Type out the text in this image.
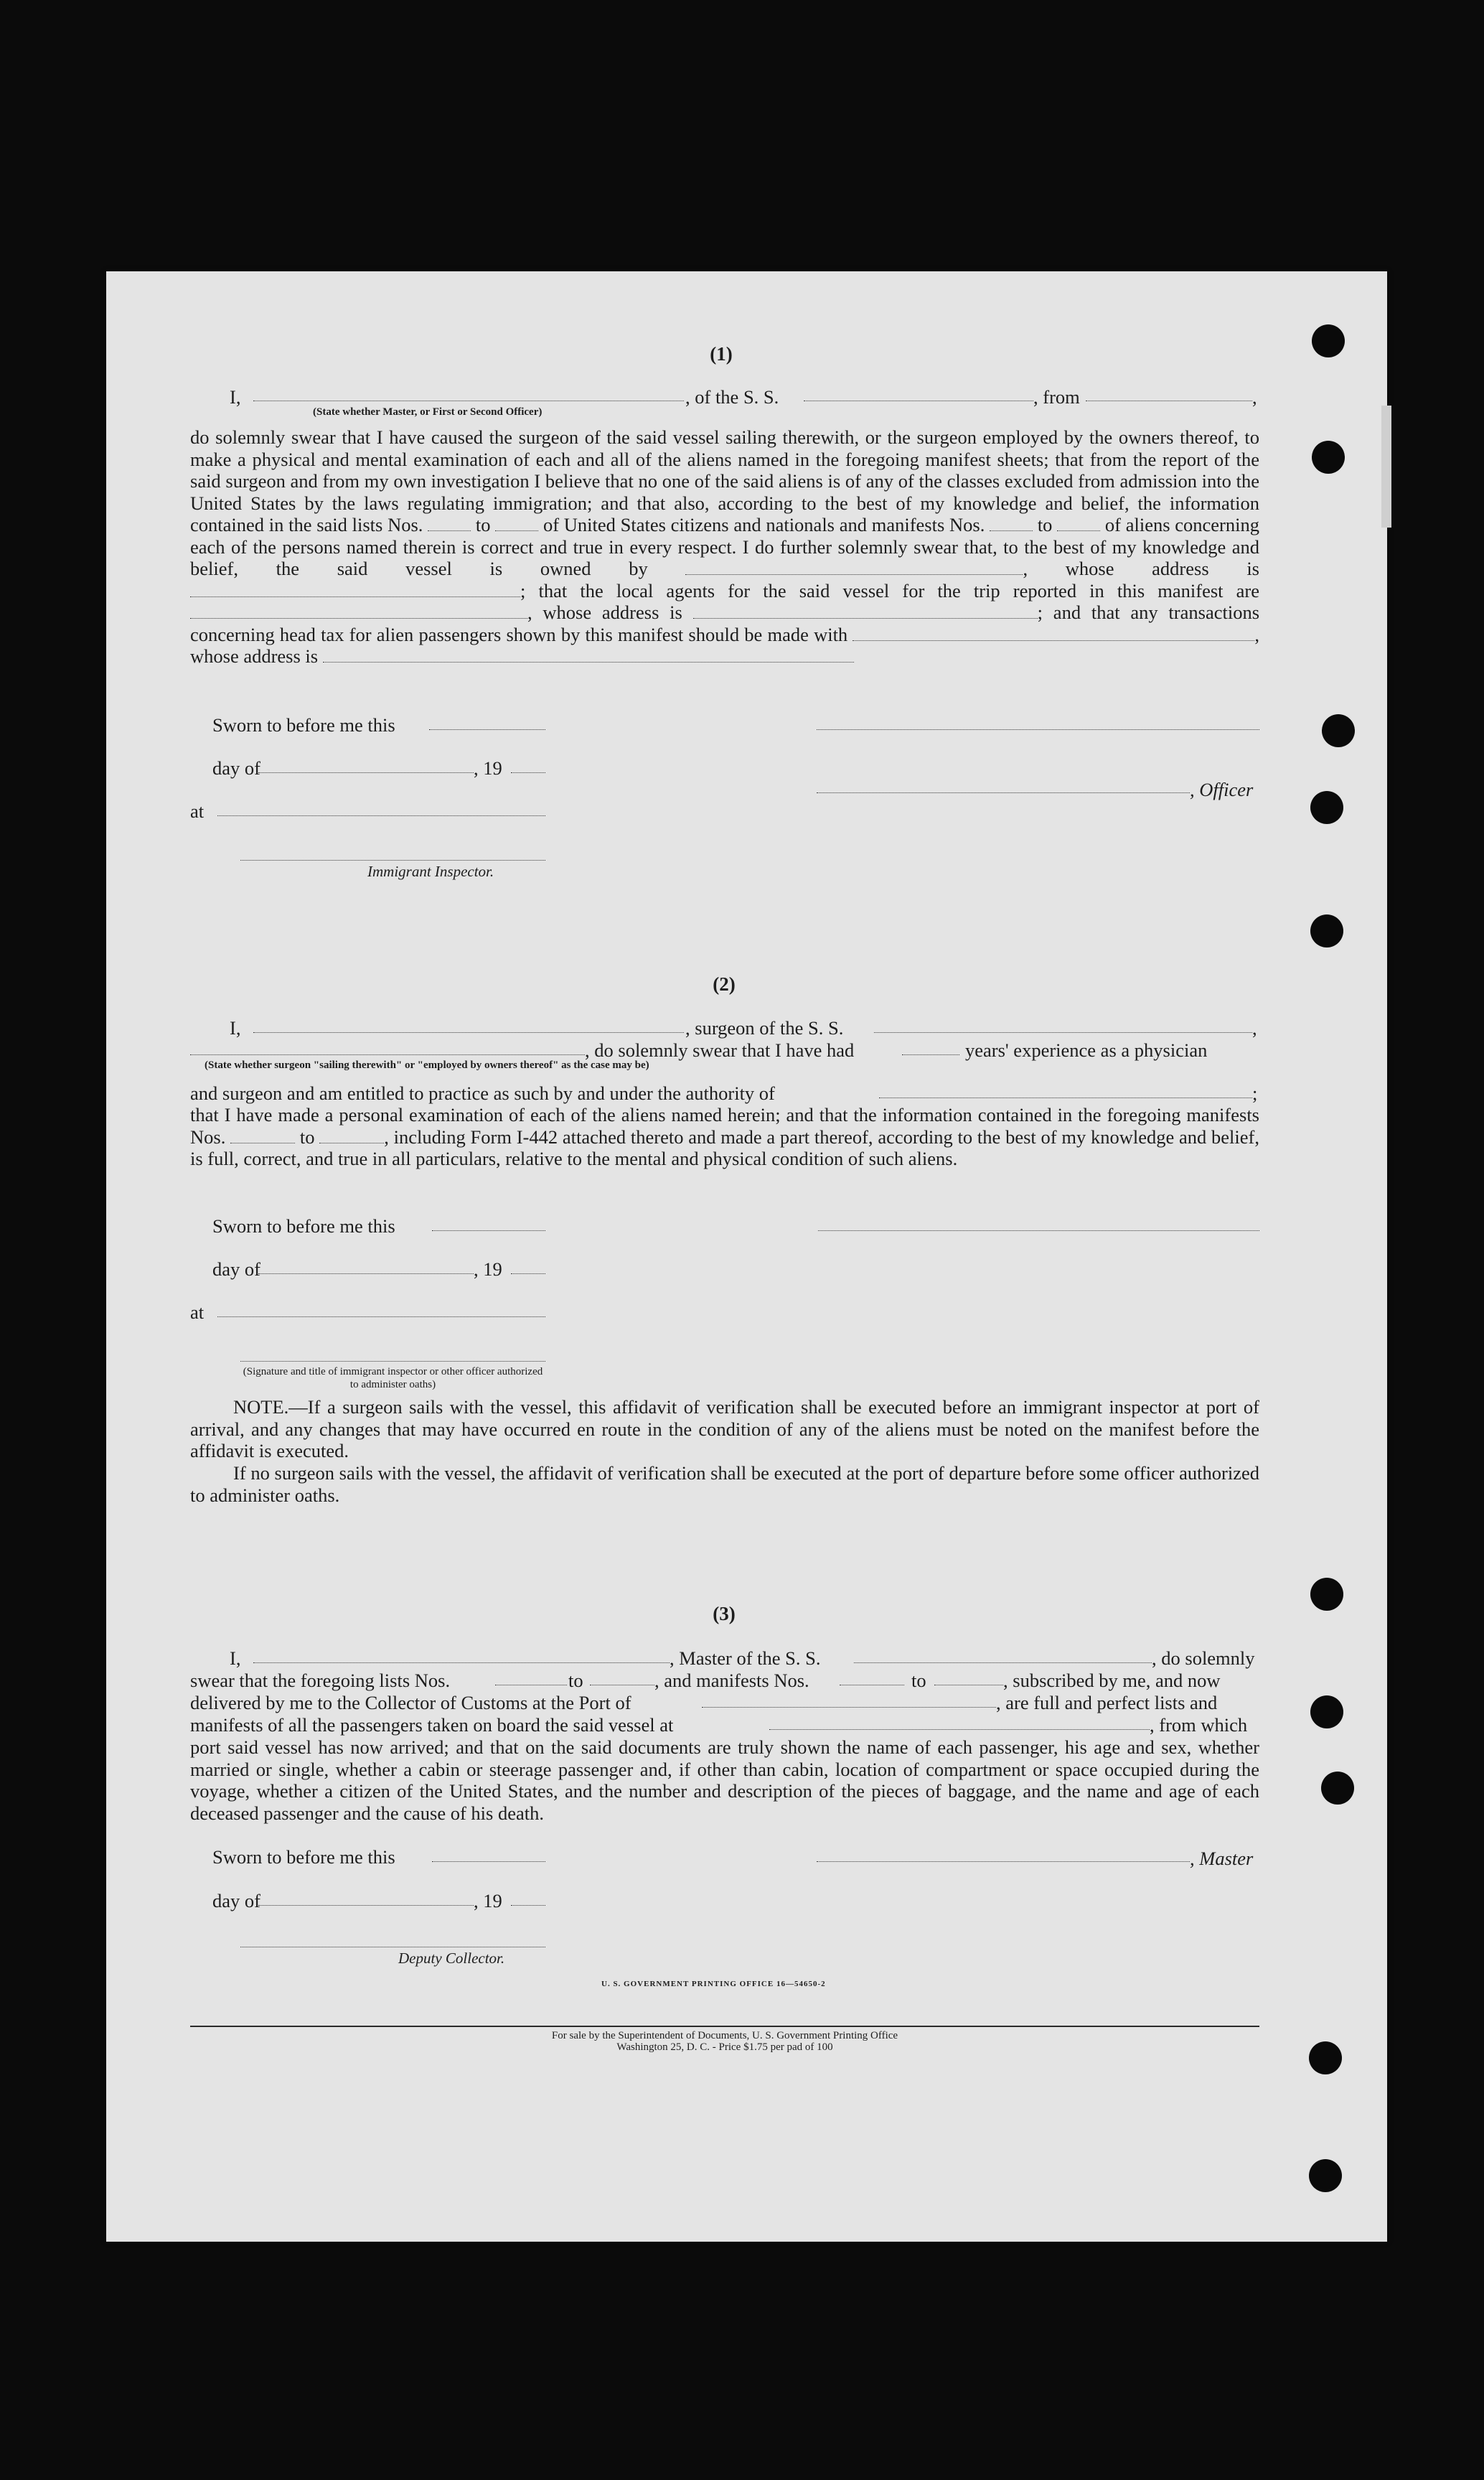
(1)
I,	, of the S. S.	, from	,
(State whether Master, or First or Second Officer)
do solemnly swear that I have caused the surgeon of the said vessel sailing therewith, or the surgeon employed by the owners thereof, to make a physical and mental examination of each and all of the aliens named in the foregoing manifest sheets; that from the report of the said surgeon and from my own investigation I believe that no one of the said aliens is of any of the classes excluded from admission into the United States by the laws regulating immigration; and that also, according to the best of my knowledge and belief, the information contained in the said lists Nos.	to	of United States citizens and nationals and manifests Nos.	to	of aliens concerning each of the persons named therein is correct and true in every respect. I do further solemnly swear that, to the best of my knowledge and belief, the said vessel is owned by	, whose address is ; that the local agents for the said vessel for the trip reported in this manifest are , whose address is	; and that any transactions concerning head tax for alien passengers shown by this manifest should be made with	, whose address is
Sworn to before me this
day of	, 19
, Officer
at
Immigrant Inspector.
(2)
I,	, surgeon of the S. S.	,
, do solemnly swear that I have had	years' experience as a physician
(State whether surgeon "sailing therewith" or "employed by owners thereof" as the case may be)
and surgeon and am entitled to practice as such by and under the authority of	;
that I have made a personal examination of each of the aliens named herein; and that the information contained in the foregoing manifests Nos.	to	, including Form I-442 attached thereto and made a part thereof, according to the best of my knowledge and belief, is full, correct, and true in all particulars, relative to the mental and physical condition of such aliens.
Sworn to before me this
day of	, 19
at
(Signature and title of immigrant inspector or other officer authorized to administer oaths)
NOTE.—If a surgeon sails with the vessel, this affidavit of verification shall be executed before an immigrant inspector at port of arrival, and any changes that may have occurred en route in the condition of any of the aliens must be noted on the manifest before the affidavit is executed.
If no surgeon sails with the vessel, the affidavit of verification shall be executed at the port of departure before some officer authorized to administer oaths.
(3)
I,	, Master of the S. S.	, do solemnly
swear that the foregoing lists Nos.	to	, and manifests Nos.	to	, subscribed by me, and now
delivered by me to the Collector of Customs at the Port of	, are full and perfect lists and
manifests of all the passengers taken on board the said vessel at	, from which
port said vessel has now arrived; and that on the said documents are truly shown the name of each passenger, his age and sex, whether married or single, whether a cabin or steerage passenger and, if other than cabin, location of compartment or space occupied during the voyage, whether a citizen of the United States, and the number and description of the pieces of baggage, and the name and age of each deceased passenger and the cause of his death.
Sworn to before me this	, Master
day of	, 19
Deputy Collector.
U. S. GOVERNMENT PRINTING OFFICE 16—54650-2
For sale by the Superintendent of Documents, U. S. Government Printing Office
Washington 25, D. C. - Price $1.75 per pad of 100
